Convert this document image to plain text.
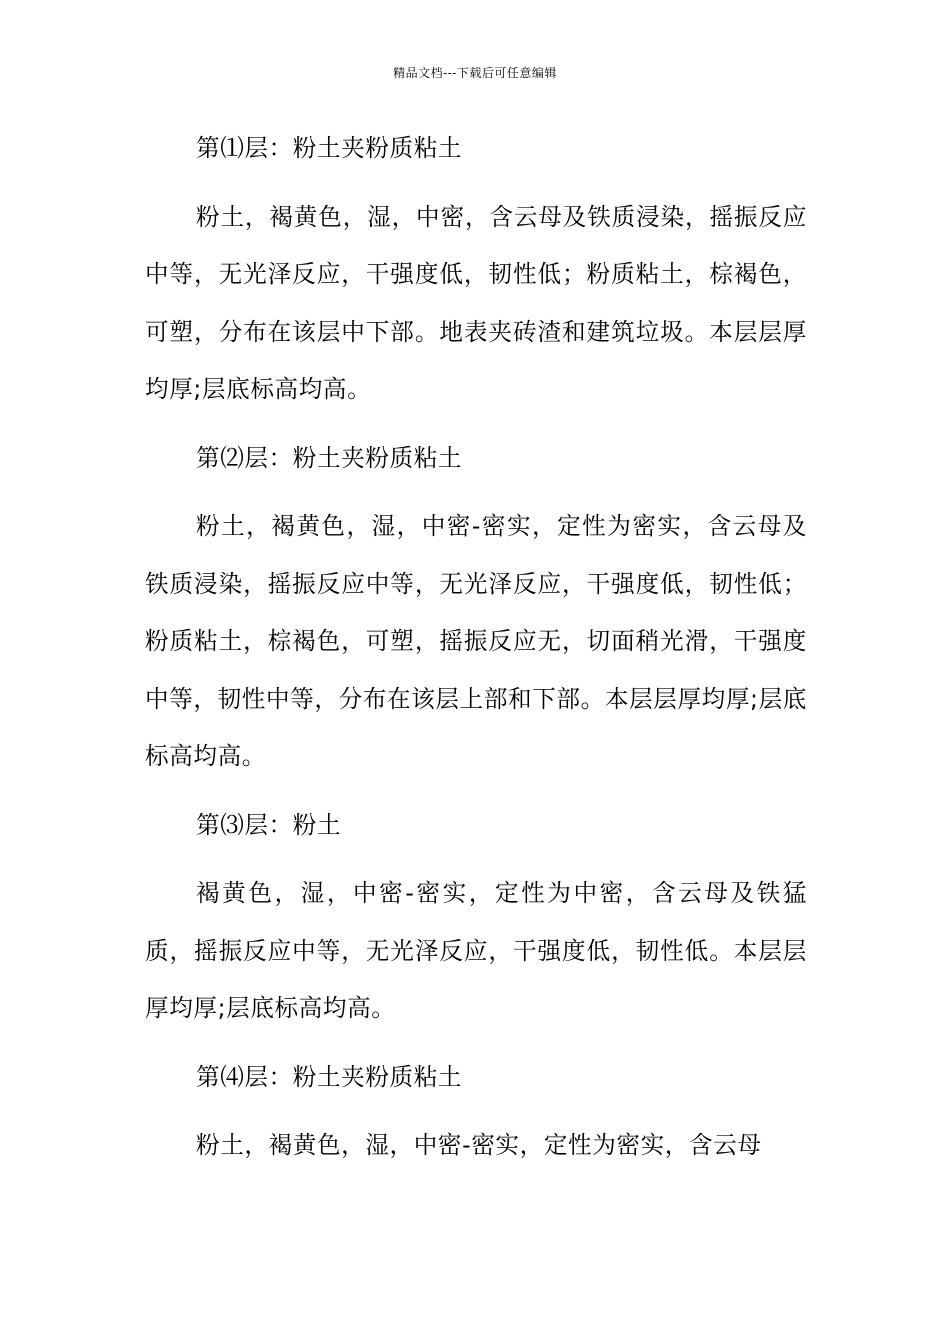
精品文档---下载后可任意编辑

第⑴层：粉土夹粉质粘土

粉土，褐黄色，湿，中密，含云母及铁质浸染，摇振反应中等，无光泽反应，干强度低，韧性低；粉质粘土，棕褐色，可塑，分布在该层中下部。地表夹砖渣和建筑垃圾。本层层厚均厚;层底标高均高。

第⑵层：粉土夹粉质粘土

粉土，褐黄色，湿，中密-密实，定性为密实，含云母及铁质浸染，摇振反应中等，无光泽反应，干强度低，韧性低；粉质粘土，棕褐色，可塑，摇振反应无，切面稍光滑，干强度中等，韧性中等，分布在该层上部和下部。本层层厚均厚;层底标高均高。

第⑶层：粉土

褐黄色，湿，中密-密实，定性为中密，含云母及铁猛质，摇振反应中等，无光泽反应，干强度低，韧性低。本层层厚均厚;层底标高均高。

第⑷层：粉土夹粉质粘土

粉土，褐黄色，湿，中密-密实，定性为密实，含云母
